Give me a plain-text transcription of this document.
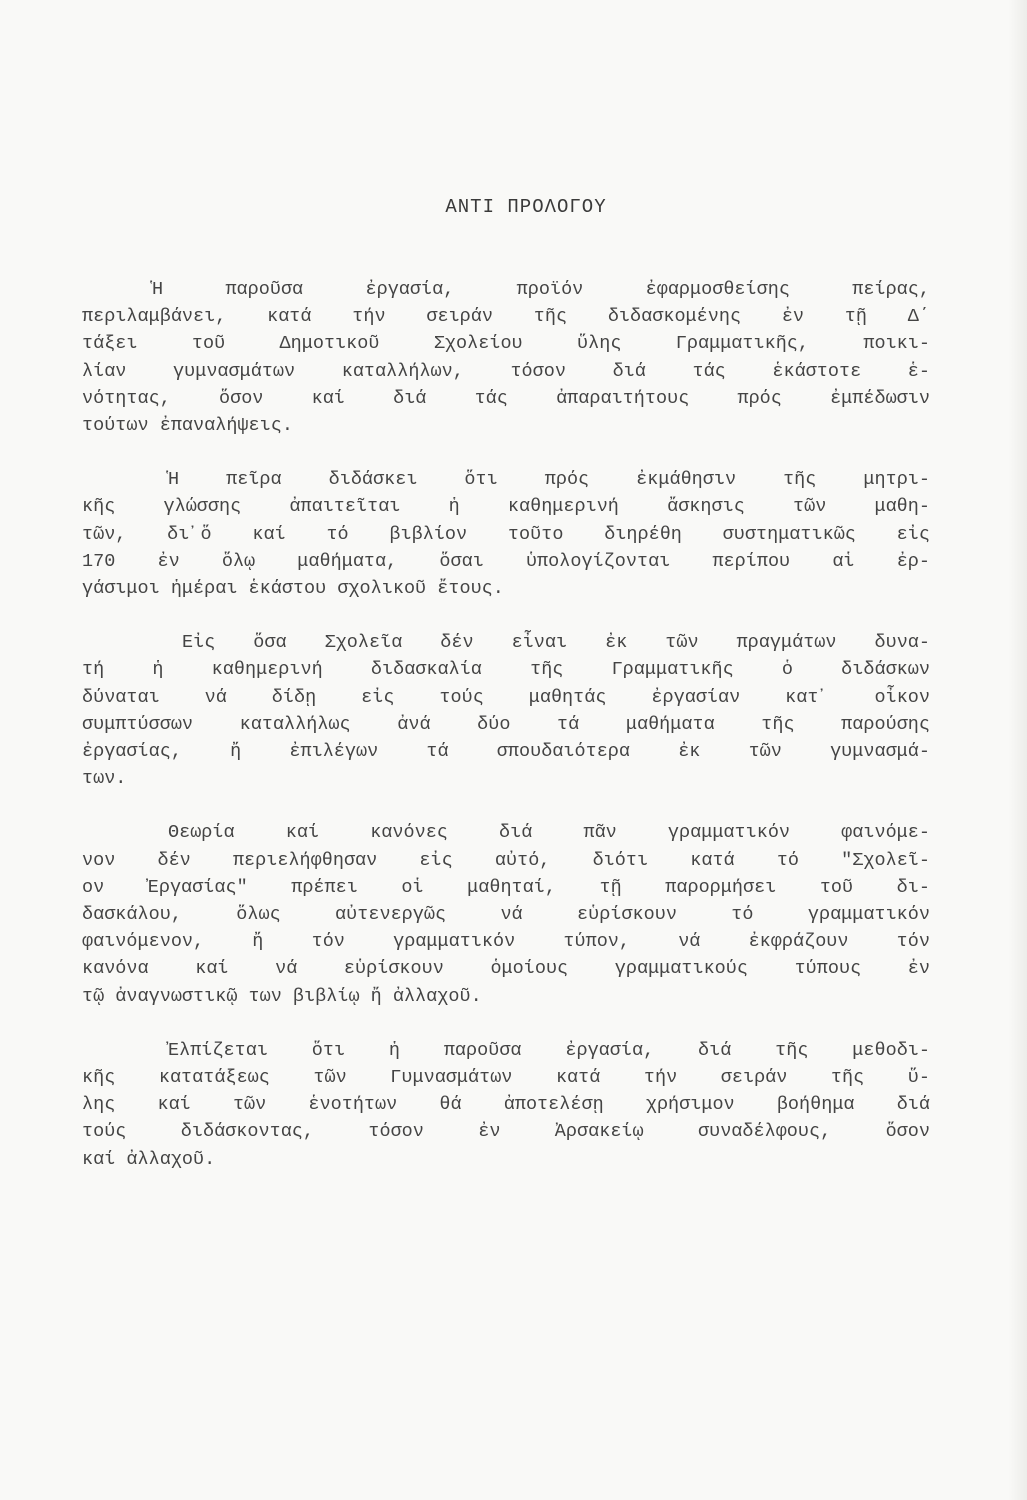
ΑΝΤΙ ΠΡΟΛΟΓΟΥ
Ἡ παροῦσα ἐργασία, προϊόν ἐφαρμοσθείσης πείρας,
περιλαμβάνει, κατά τήν σειράν τῆς διδασκομένης ἐν τῇ Δ΄
τάξει τοῦ Δημοτικοῦ Σχολείου ὕλης Γραμματικῆς, ποικι-
λίαν γυμνασμάτων καταλλήλων, τόσον διά τάς ἑκάστοτε ἑ-
νότητας, ὅσον καί διά τάς ἀπαραιτήτους πρός ἐμπέδωσιν
τούτων ἐπαναλήψεις.
Ἡ πεῖρα διδάσκει ὅτι πρός ἐκμάθησιν τῆς μητρι-
κῆς γλώσσης ἀπαιτεῖται ἡ καθημερινή ἄσκησις τῶν μαθη-
τῶν, δι᾽ὅ καί τό βιβλίον τοῦτο διηρέθη συστηματικῶς εἰς
170 ἐν ὅλῳ μαθήματα, ὅσαι ὑπολογίζονται περίπου αἱ ἐρ-
γάσιμοι ἡμέραι ἑκάστου σχολικοῦ ἔτους.
Εἰς ὅσα Σχολεῖα δέν εἶναι ἐκ τῶν πραγμάτων δυνα-
τή ἡ καθημερινή διδασκαλία τῆς Γραμματικῆς ὁ διδάσκων
δύναται νά δίδῃ εἰς τούς μαθητάς ἐργασίαν κατ᾽ οἶκον
συμπτύσσων καταλλήλως ἀνά δύο τά μαθήματα τῆς παρούσης
ἐργασίας, ἤ ἐπιλέγων τά σπουδαιότερα ἐκ τῶν γυμνασμά-
των.
Θεωρία καί κανόνες διά πᾶν γραμματικόν φαινόμε-
νον δέν περιελήφθησαν εἰς αὐτό, διότι κατά τό "Σχολεῖ-
ον Ἐργασίας" πρέπει οἱ μαθηταί, τῇ παρορμήσει τοῦ δι-
δασκάλου, ὅλως αὐτενεργῶς νά εὑρίσκουν τό γραμματικόν
φαινόμενον, ἤ τόν γραμματικόν τύπον, νά ἐκφράζουν τόν
κανόνα καί νά εὑρίσκουν ὁμοίους γραμματικούς τύπους ἐν
τῷ ἀναγνωστικῷ των βιβλίῳ ἤ ἀλλαχοῦ.
Ἐλπίζεται ὅτι ἡ παροῦσα ἐργασία, διά τῆς μεθοδι-
κῆς κατατάξεως τῶν Γυμνασμάτων κατά τήν σειράν τῆς ὕ-
λης καί τῶν ἑνοτήτων θά ἀποτελέσῃ χρήσιμον βοήθημα διά
τούς διδάσκοντας, τόσον ἐν Ἀρσακείῳ συναδέλφους, ὅσον
καί ἀλλαχοῦ.
